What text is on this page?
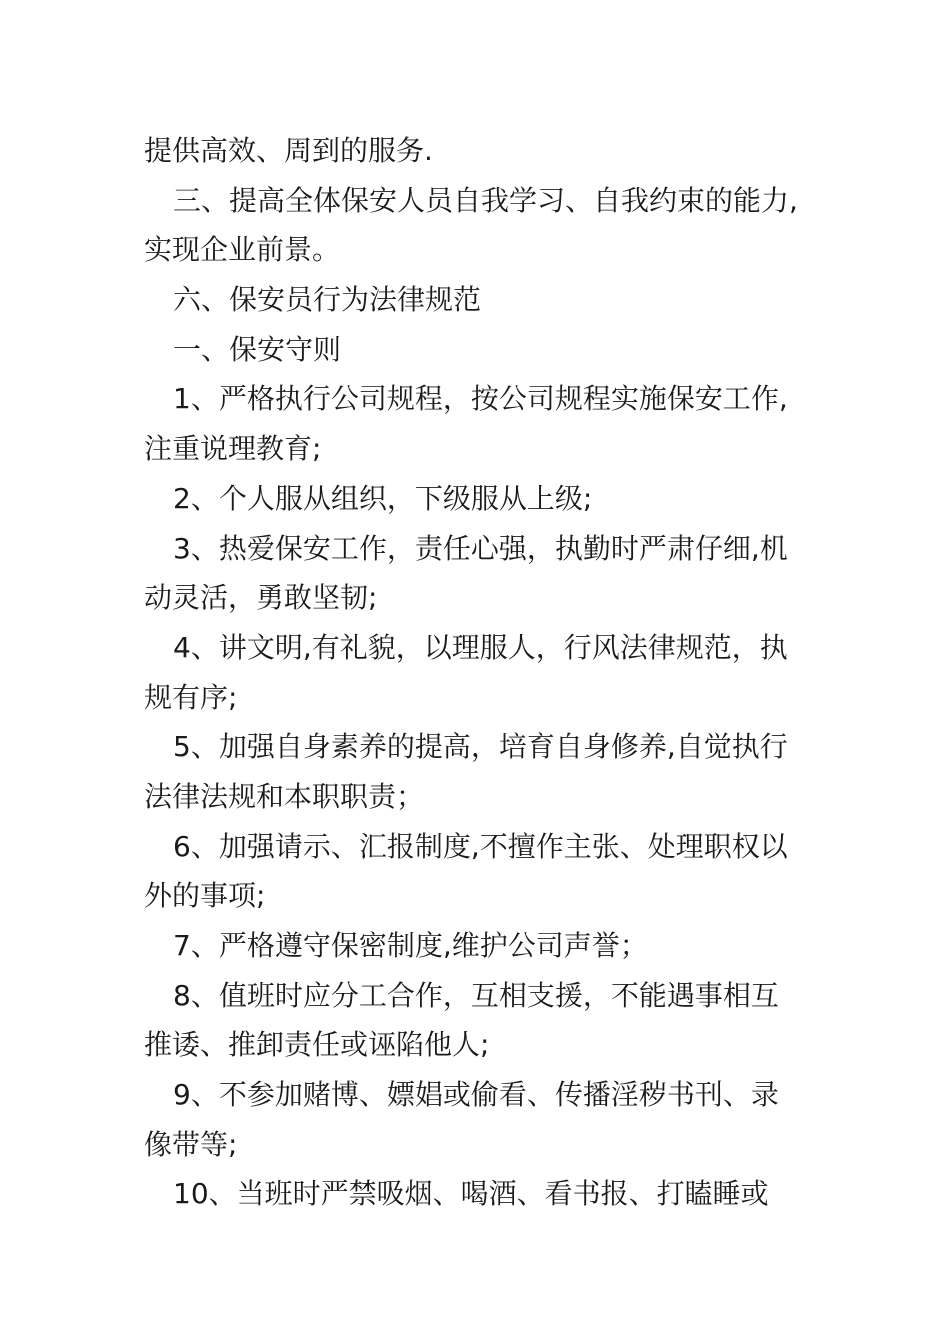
提供高效、周到的服务.
三、提高全体保安人员自我学习、自我约束的能力,
实现企业前景。
六、保安员行为法律规范
一、保安守则
1、严格执行公司规程，按公司规程实施保安工作,
注重说理教育;
2、个人服从组织，下级服从上级;
3、热爱保安工作，责任心强，执勤时严肃仔细,机
动灵活，勇敢坚韧;
4、讲文明,有礼貌，以理服人，行风法律规范，执
规有序;
5、加强自身素养的提高，培育自身修养,自觉执行
法律法规和本职职责；
6、加强请示、汇报制度,不擅作主张、处理职权以
外的事项;
7、严格遵守保密制度,维护公司声誉；
8、值班时应分工合作，互相支援，不能遇事相互
推诿、推卸责任或诬陷他人;
9、不参加赌博、嫖娼或偷看、传播淫秽书刊、录
像带等;
10、当班时严禁吸烟、喝酒、看书报、打瞌睡或
